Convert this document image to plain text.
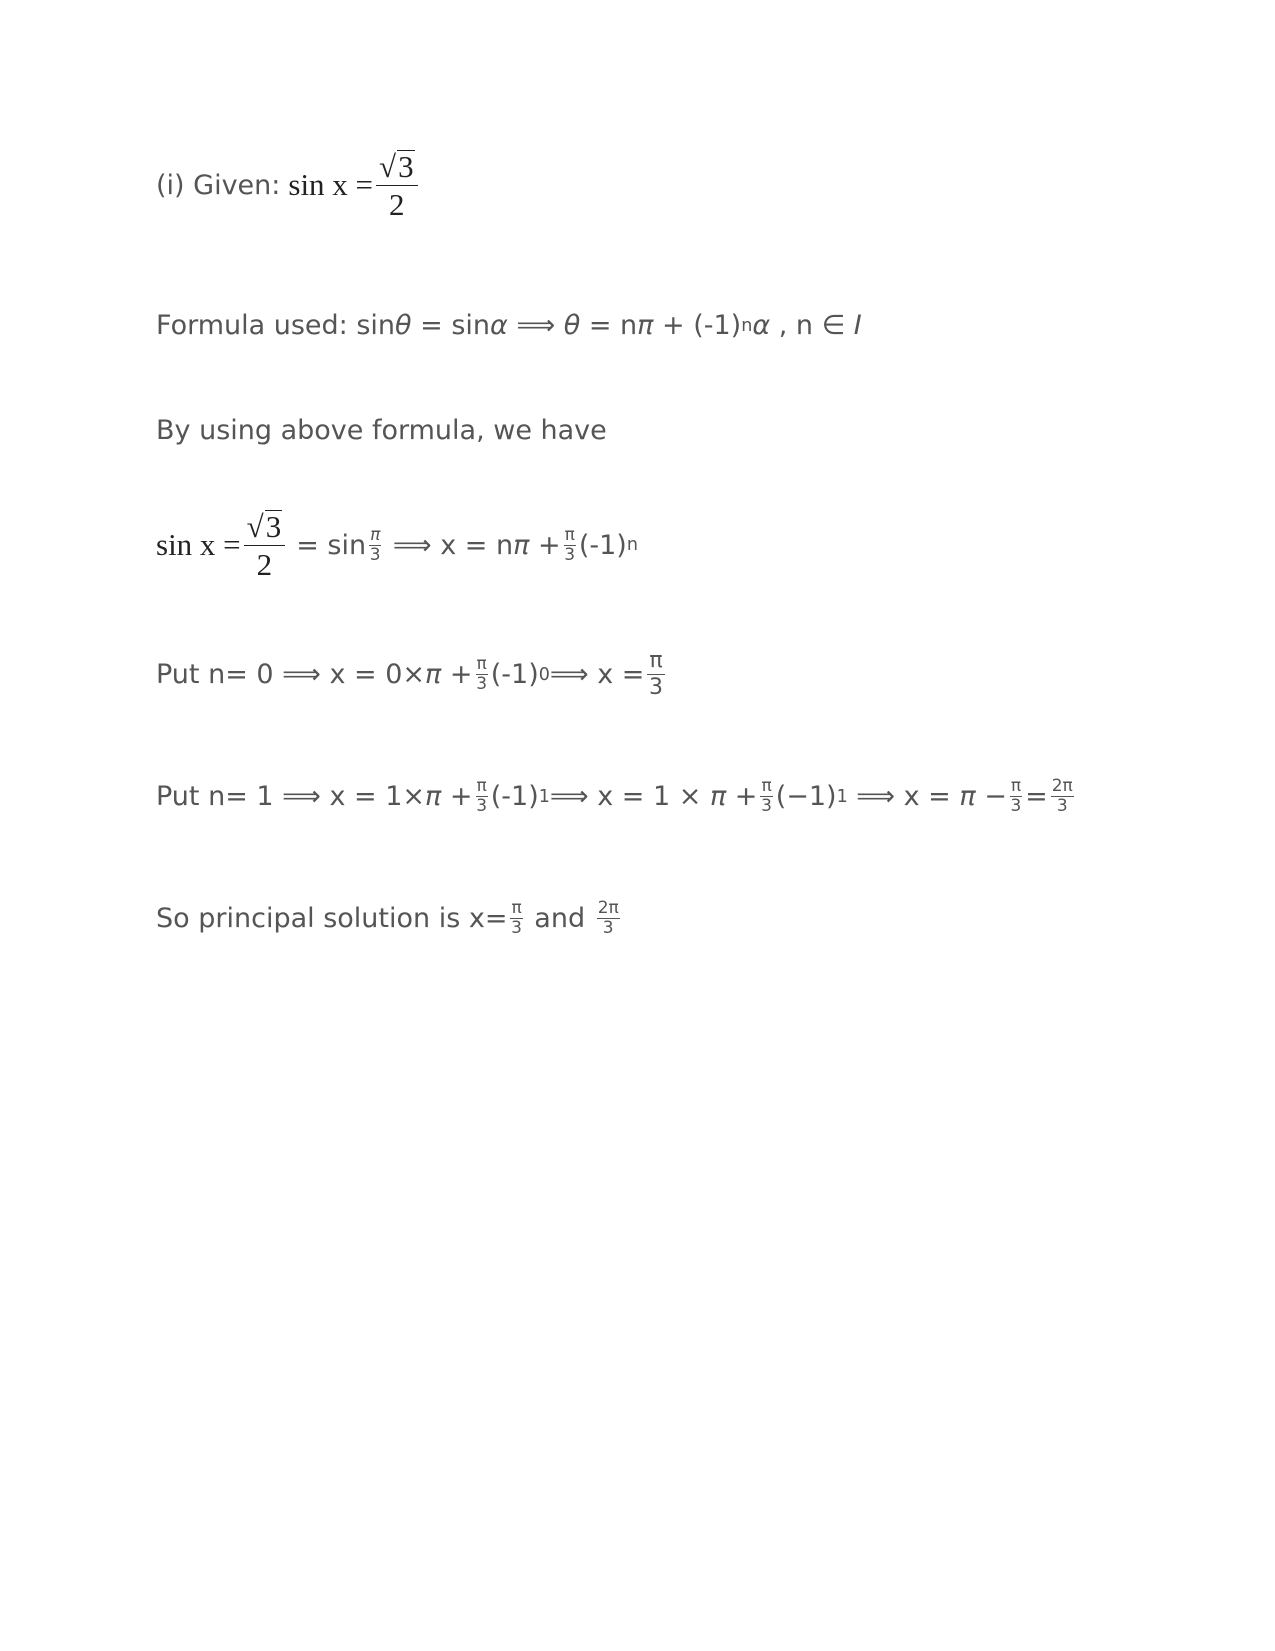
(i) Given: $\sin x = \frac{√ 3}{2}$
Formula used: sin θ = sin α ⟹ θ = n π + (-1) n α , n ∈ I
By using above formula, we have
$\sin x = \frac{√ 3}{2} = \sin \frac{\pi}{3}$ ⟹ x = n $\pi + \frac{\pi}{3} (-1)$ n
Put n= 0 ⟹ $x = 0\times \pi + \frac{\pi}{3} (-1)$ 0 ⟹ $x = \frac{\pi}{3}$
Put n= 1 ⟹ $x = 1\times \pi + \frac{\pi}{3} (-1)$ 1 ⟹ $x = 1 \times \pi + \frac{\pi}{3} (-1)$ 1 ⟹ $x = \pi - \frac{\pi}{3} = \frac{2\pi}{3}$
So principal solution is $x= \frac{\pi}{3}$ and $\frac{2\pi}{3}$
